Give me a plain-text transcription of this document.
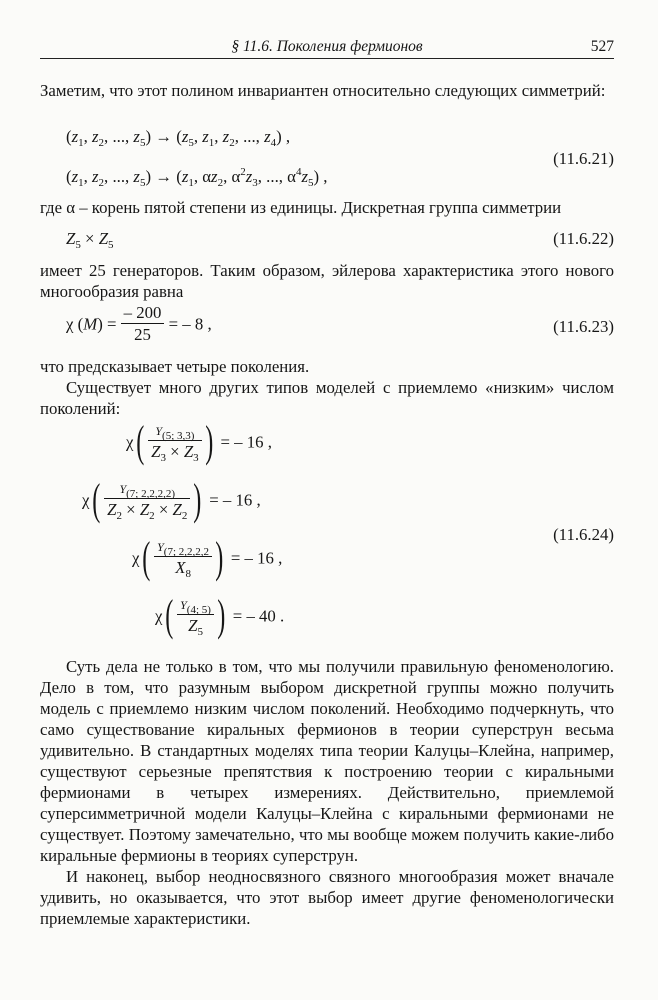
§ 11.6. Поколения фермионов	527
Заметим, что этот полином инвариантен относительно следующих симметрий:
($z_1$, $z_2$, ..., $z_5) \to (z_5$, $z_1$, $z_2$, ..., $z_4$) ,
($z_1$, $z_2$, ..., $z_5) \to (z_1$, $\alpha z_2$, $\alpha^2z_3$, ..., $\alpha^4z_5$) ,
(11.6.21)
где α – корень пятой степени из единицы. Дискретная группа симметрии
$Z_5 \times Z_5$	(11.6.22)
имеет 25 генераторов. Таким образом, эйлерова характеристика этого нового многообразия равна
χ $(M) = \frac{- 200}{25}$ = – 8 ,	(11.6.23)
что предсказывает четыре поколения.
Существует много других типов моделей с приемлемо «низким» числом поколений:
$\chi( \frac{Y_{(5; 3,3)}}{Z_3 \times Z_3}$ ) = – 16 ,
$\chi( \frac{Y_{(7; 2,2,2,2)}}{Z_2 \times Z_2 \times Z_2}$ ) = – 16 ,
$\chi( \frac{Y_{(7; 2,2,2,2}}{X_8}$ ) = – 16 ,
$\chi( \frac{Y_{(4; 5)}}{Z_5}$ ) = – 40 .
(11.6.24)
Суть дела не только в том, что мы получили правильную феноменологию. Дело в том, что разумным выбором дискретной группы можно получить модель с приемлемо низким числом поколений. Необходимо подчеркнуть, что само существование киральных фермионов в теории суперструн весьма удивительно. В стандартных моделях типа теории Калуцы–Клейна, например, существуют серьезные препятствия к построению теории с киральными фермионами в четырех измерениях. Действительно, приемлемой суперсимметричной модели Калуцы–Клейна с киральными фермионами не существует. Поэтому замечательно, что мы вообще можем получить какие-либо киральные фермионы в теориях суперструн.
И наконец, выбор неодносвязного связного многообразия может вначале удивить, но оказывается, что этот выбор имеет другие феноменологически приемлемые характеристики.
